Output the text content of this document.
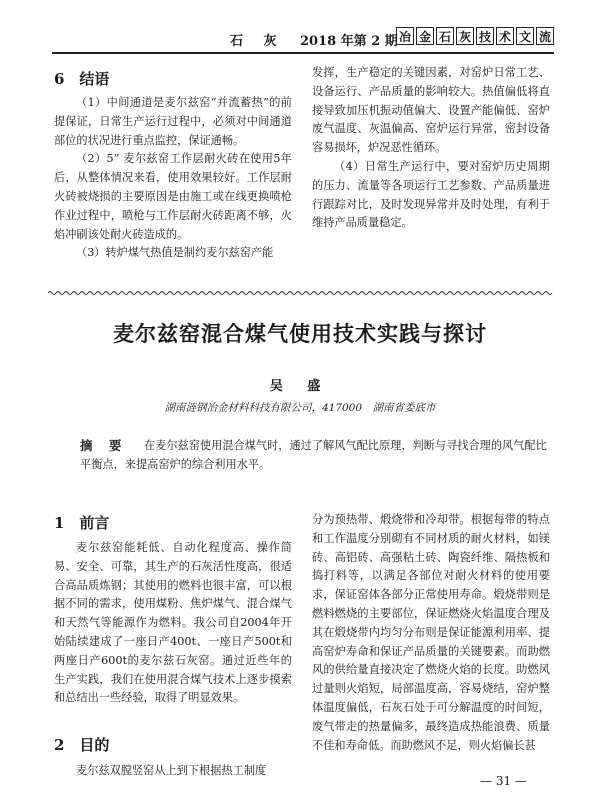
石 灰 2018 年第 2 期 冶 金 石 灰 技 术 文 流
6　结语
（1）中间通道是麦尔兹窑“并流蓄热”的前提保证，日常生产运行过程中，必须对中间通道部位的状况进行重点监控，保证通畅。
（2）5” 麦尔兹窑工作层耐火砖在使用5年后，从整体情况来看，使用效果较好。工作层耐火砖被烧损的主要原因是由施工或在线更换喷枪作业过程中，喷枪与工作层耐火砖距离不够，火焰冲刷该处耐火砖造成的。
（3）转炉煤气热值是制约麦尔兹窑产能
发挥，生产稳定的关键因素，对窑炉日常工艺、设备运行、产品质量的影响较大。热值偏低将直接导致加压机振动值偏大、设置产能偏低、窑炉废气温度、灰温偏高、窑炉运行异常，密封设备容易损坏，炉况恶性循环。
（4）日常生产运行中，要对窑炉历史周期的压力、流量等各项运行工艺参数、产品质量进行跟踪对比，及时发现异常并及时处理，有利于维持产品质量稳定。
麦尔兹窑混合煤气使用技术实践与探讨
吴 盛
湖南涟钢冶金材料科技有限公司，417000　湖南省娄底市
摘 要	在麦尔兹窑使用混合煤气时，通过了解风气配比原理，判断与寻找合理的风气配比平衡点，来提高窑炉的综合利用水平。
1　前言
麦尔兹窑能耗低、自动化程度高、操作简易、安全、可靠，其生产的石灰活性度高，很适合高品质炼钢；其使用的燃料也很丰富，可以根据不同的需求，使用煤粉、焦炉煤气、混合煤气和天然气等能源作为燃料。我公司自2004年开始陆续建成了一座日产400t、一座日产500t和两座日产600t的麦尔兹石灰窑。通过近些年的生产实践，我们在使用混合煤气技术上逐步摸索和总结出一些经验，取得了明显效果。
2　目的
麦尔兹双膛竖窑从上到下根据热工制度
分为预热带、煅烧带和冷却带。根据每带的特点和工作温度分别砌有不同材质的耐火材料，如镁砖、高铝砖、高强粘土砖、陶瓷纤维、隔热板和捣打料等，以满足各部位对耐火材料的使用要求，保证窑体各部分正常使用寿命。煅烧带则是燃料燃烧的主要部位，保证燃烧火焰温度合理及其在煅烧带内均匀分布则是保证能源利用率、提高窑炉寿命和保证产品质量的关键要素。而助燃风的供给量直接决定了燃烧火焰的长度。助燃风过量则火焰短，局部温度高，容易烧结，窑炉整体温度偏低，石灰石处于可分解温度的时间短，废气带走的热量偏多，最终造成热能浪费、质量不佳和寿命低。而助燃风不足，则火焰偏长甚
— 31 —
